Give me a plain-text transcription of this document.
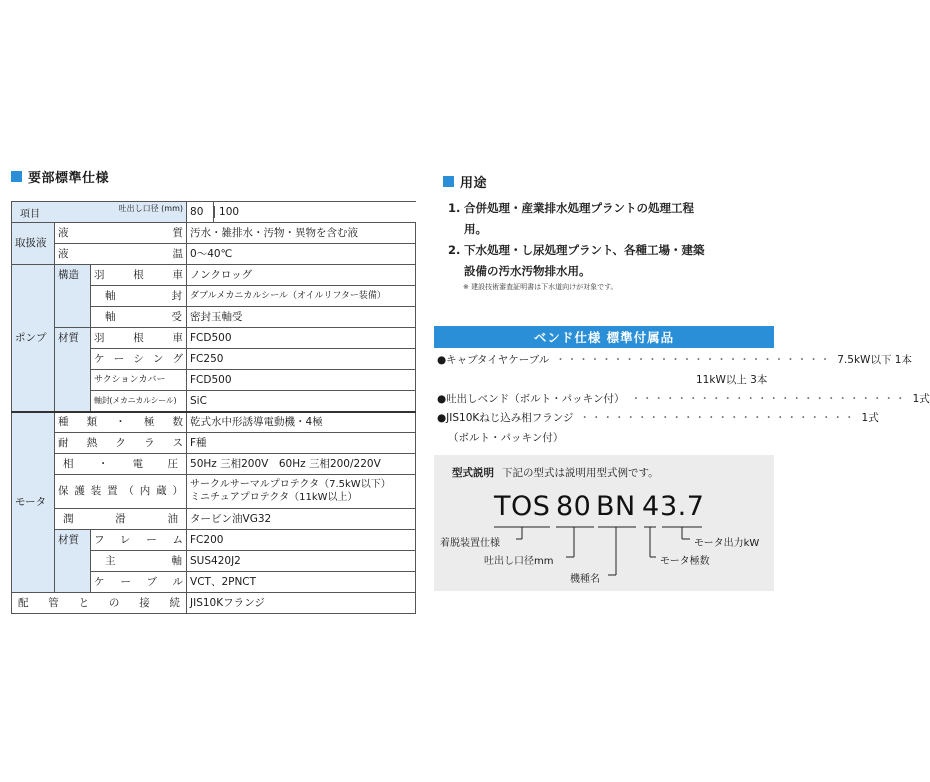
要部標準仕様
項目 吐出し口径 (mm)			80	100
取扱液	液質		汚水・雑排水・汚物・異物を含む液	
	液温		0〜40℃	
ポンプ	構造	羽根車	ノンクロッグ	
		軸封	ダブルメカニカルシール（オイルリフター装備）	
		軸受	密封玉軸受	
	材質	羽根車	FCD500	
		ケーシング	FC250	
		サクションカバー	FCD500	
		軸封(メカニカルシール)	SiC	
モータ	種類・極数		乾式水中形誘導電動機・4極	
	耐熱クラス		F種	
	相・電圧		50Hz 三相200V　60Hz 三相200/220V	
	保護装置（内蔵）		サークルサーマルプロテクタ（7.5kW以下）
ミニチュアプロテクタ（11kW以上）	

	潤滑油		タービン油VG32	
	材質	フレーム	FC200	
		主軸	SUS420J2	
		ケーブル	VCT、2PNCT	
配管との接続			JIS10Kフランジ	
用途
1. 合併処理・産業排水処理プラントの処理工程
用。
2. 下水処理・し尿処理プラント、各種工場・建築
設備の汚水汚物排水用。
※ 建設技術審査証明書は下水道向けが対象です。
ベンド仕様 標準付属品
●キャブタイヤケーブル ・・・・・・・・・・・・・・・・・・・・・・・・ 7.5kW以下 1本
11kW以上 3本
●吐出しベンド（ボルト・パッキン付） ・・・・・・・・・・・・・・・・・・・・・・・・ 1式
●JIS10Kねじ込み相フランジ ・・・・・・・・・・・・・・・・・・・・・・・・ 1式
（ボルト・パッキン付）
型式説明 下記の型式は説明用型式例です。
TOS 80 BN 4 3.7
着脱装置仕様
吐出し口径mm
機種名
モータ極数
モータ出力kW
